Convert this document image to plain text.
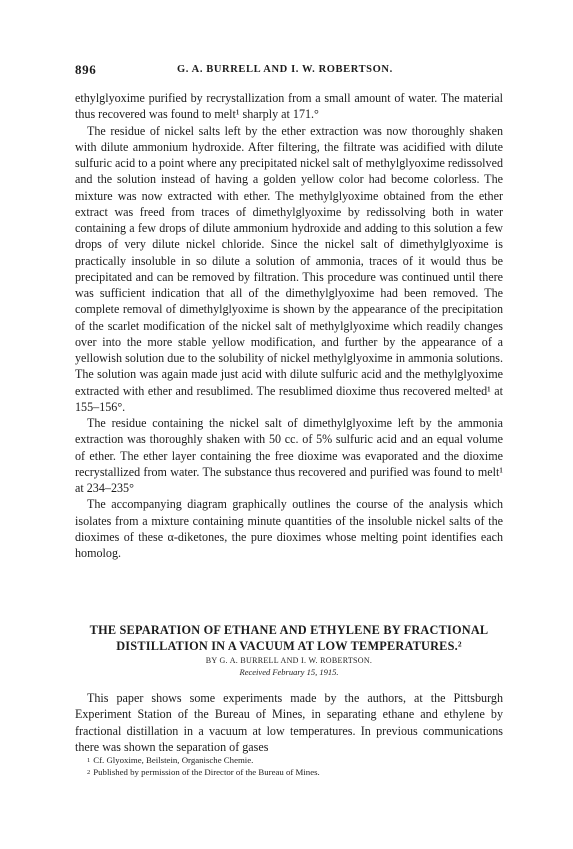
896	G. A. BURRELL AND I. W. ROBERTSON.

ethylglyoxime purified by recrystallization from a small amount of water. The material thus recovered was found to melt¹ sharply at 171.°

The residue of nickel salts left by the ether extraction was now thoroughly shaken with dilute ammonium hydroxide. After filtering, the filtrate was acidified with dilute sulfuric acid to a point where any precipitated nickel salt of methylglyoxime redissolved and the solution instead of having a golden yellow color had become colorless. The mixture was now extracted with ether. The methylglyoxime obtained from the ether extract was freed from traces of dimethylglyoxime by redissolving both in water containing a few drops of dilute ammonium hydroxide and adding to this solution a few drops of very dilute nickel chloride. Since the nickel salt of dimethylglyoxime is practically insoluble in so dilute a solution of ammonia, traces of it would thus be precipitated and can be removed by filtration. This procedure was continued until there was sufficient indication that all of the dimethylglyoxime had been removed. The complete removal of dimethylglyoxime is shown by the appearance of the precipitation of the scarlet modification of the nickel salt of methylglyoxime which readily changes over into the more stable yellow modification, and further by the appearance of a yellowish solution due to the solubility of nickel methylglyoxime in ammonia solutions. The solution was again made just acid with dilute sulfuric acid and the methylglyoxime extracted with ether and resublimed. The resublimed dioxime thus recovered melted¹ at 155–156°.

The residue containing the nickel salt of dimethylglyoxime left by the ammonia extraction was thoroughly shaken with 50 cc. of 5% sulfuric acid and an equal volume of ether. The ether layer containing the free dioxime was evaporated and the dioxime recrystallized from water. The substance thus recovered and purified was found to melt¹ at 234–235°

The accompanying diagram graphically outlines the course of the analysis which isolates from a mixture containing minute quantities of the insoluble nickel salts of the dioximes of these α-diketones, the pure dioximes whose melting point identifies each homolog.

THE SEPARATION OF ETHANE AND ETHYLENE BY FRACTIONAL DISTILLATION IN A VACUUM AT LOW TEMPERATURES.²

BY G. A. BURRELL AND I. W. ROBERTSON.

Received February 15, 1915.

This paper shows some experiments made by the authors, at the Pittsburgh Experiment Station of the Bureau of Mines, in separating ethane and ethylene by fractional distillation in a vacuum at low temperatures. In previous communications there was shown the separation of gases

$^1$ Cf. Glyoxime, Beilstein, Organische Chemie.

$^2$ Published by permission of the Director of the Bureau of Mines.
